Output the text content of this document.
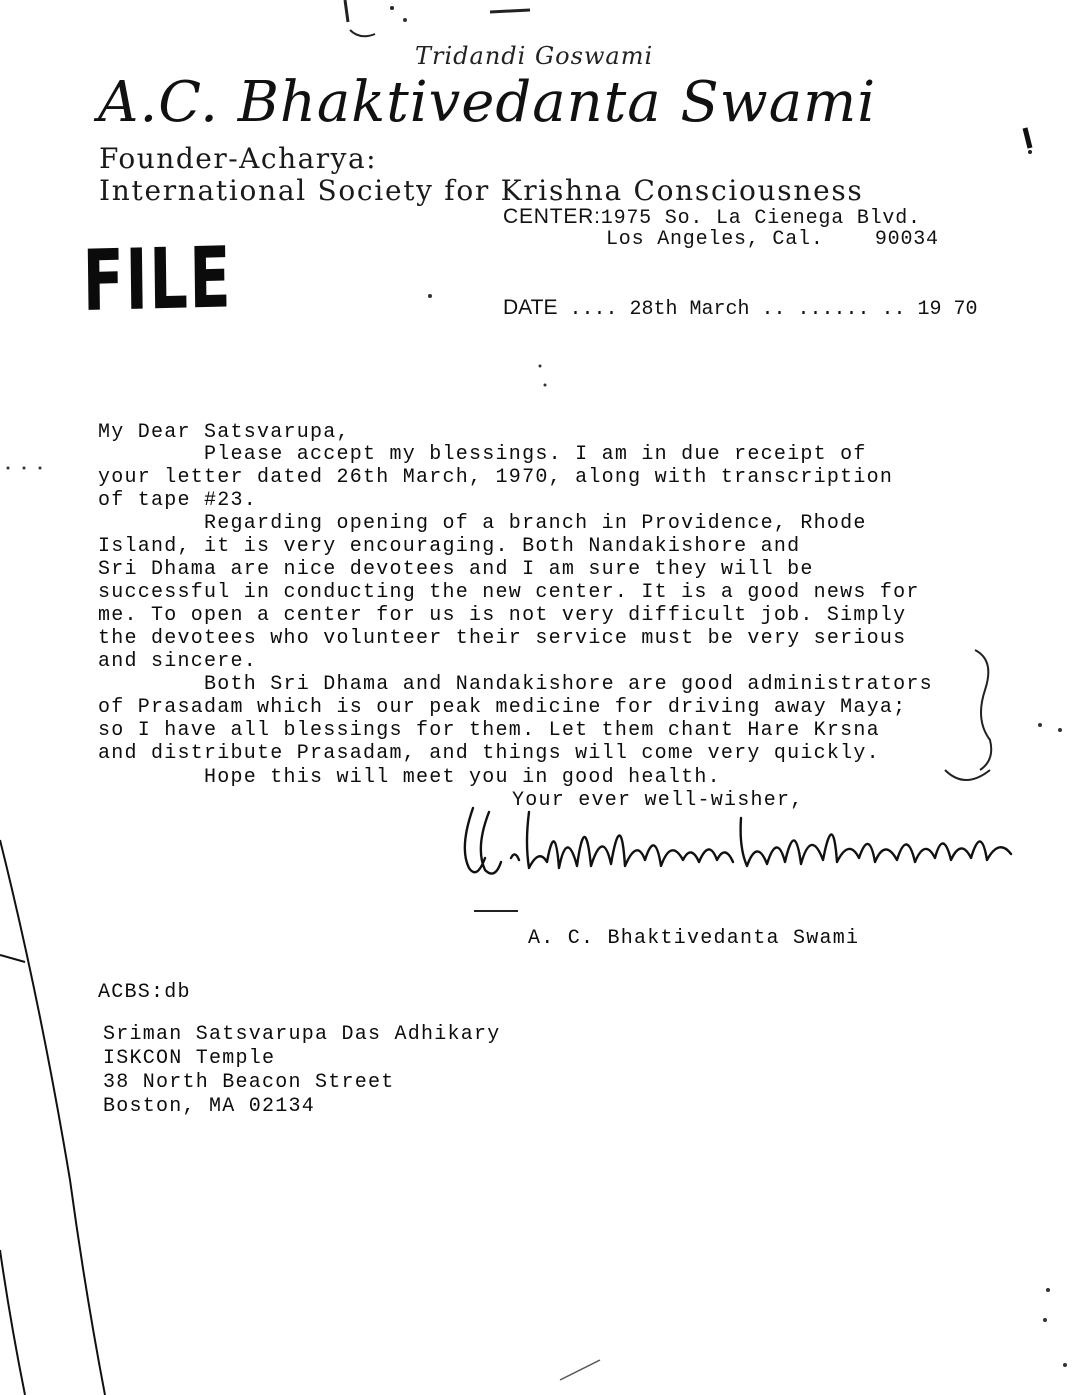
Tridandi Goswami
A.C. Bhaktivedanta Swami
Founder-Acharya:
International Society for Krishna Consciousness
CENTER:1975 So. La Cienega Blvd.
Los Angeles, Cal.    90034
FILE	DATE .... 28th March .. ...... .. 19 70
My Dear Satsvarupa,
Please accept my blessings. I am in due receipt of
your letter dated 26th March, 1970, along with transcription
of tape #23.
Regarding opening of a branch in Providence, Rhode
Island, it is very encouraging. Both Nandakishore and
Sri Dhama are nice devotees and I am sure they will be
successful in conducting the new center. It is a good news for
me. To open a center for us is not very difficult job. Simply
the devotees who volunteer their service must be very serious
and sincere.
Both Sri Dhama and Nandakishore are good administrators
of Prasadam which is our peak medicine for driving away Maya;
so I have all blessings for them. Let them chant Hare Krsna
and distribute Prasadam, and things will come very quickly.
Hope this will meet you in good health.
Your ever well-wisher,
A. C. Bhaktivedanta Swami
ACBS:db
Sriman Satsvarupa Das Adhikary
ISKCON Temple
38 North Beacon Street
Boston, MA 02134
